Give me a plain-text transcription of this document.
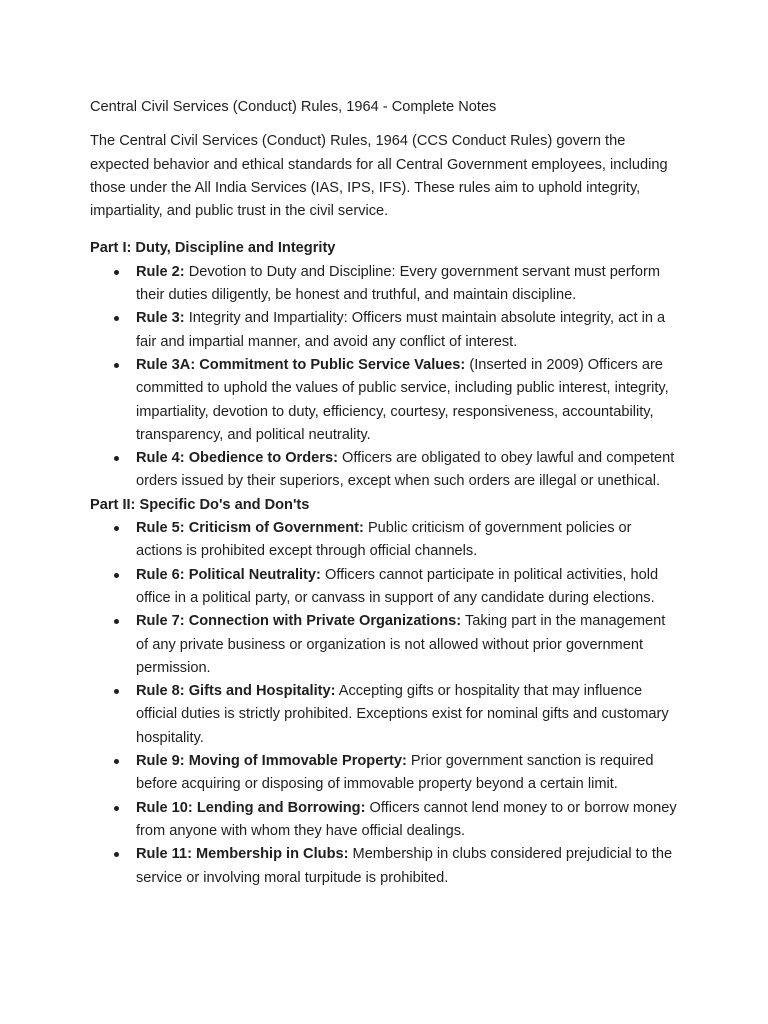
Central Civil Services (Conduct) Rules, 1964 - Complete Notes

The Central Civil Services (Conduct) Rules, 1964 (CCS Conduct Rules) govern the expected behavior and ethical standards for all Central Government employees, including those under the All India Services (IAS, IPS, IFS). These rules aim to uphold integrity, impartiality, and public trust in the civil service.

Part I: Duty, Discipline and Integrity
Rule 2: Devotion to Duty and Discipline: Every government servant must perform their duties diligently, be honest and truthful, and maintain discipline.
Rule 3: Integrity and Impartiality: Officers must maintain absolute integrity, act in a fair and impartial manner, and avoid any conflict of interest.
Rule 3A: Commitment to Public Service Values: (Inserted in 2009) Officers are committed to uphold the values of public service, including public interest, integrity, impartiality, devotion to duty, efficiency, courtesy, responsiveness, accountability, transparency, and political neutrality.
Rule 4: Obedience to Orders: Officers are obligated to obey lawful and competent orders issued by their superiors, except when such orders are illegal or unethical.
Part II: Specific Do's and Don'ts
Rule 5: Criticism of Government: Public criticism of government policies or actions is prohibited except through official channels.
Rule 6: Political Neutrality: Officers cannot participate in political activities, hold office in a political party, or canvass in support of any candidate during elections.
Rule 7: Connection with Private Organizations: Taking part in the management of any private business or organization is not allowed without prior government permission.
Rule 8: Gifts and Hospitality: Accepting gifts or hospitality that may influence official duties is strictly prohibited. Exceptions exist for nominal gifts and customary hospitality.
Rule 9: Moving of Immovable Property: Prior government sanction is required before acquiring or disposing of immovable property beyond a certain limit.
Rule 10: Lending and Borrowing: Officers cannot lend money to or borrow money from anyone with whom they have official dealings.
Rule 11: Membership in Clubs: Membership in clubs considered prejudicial to the service or involving moral turpitude is prohibited.
